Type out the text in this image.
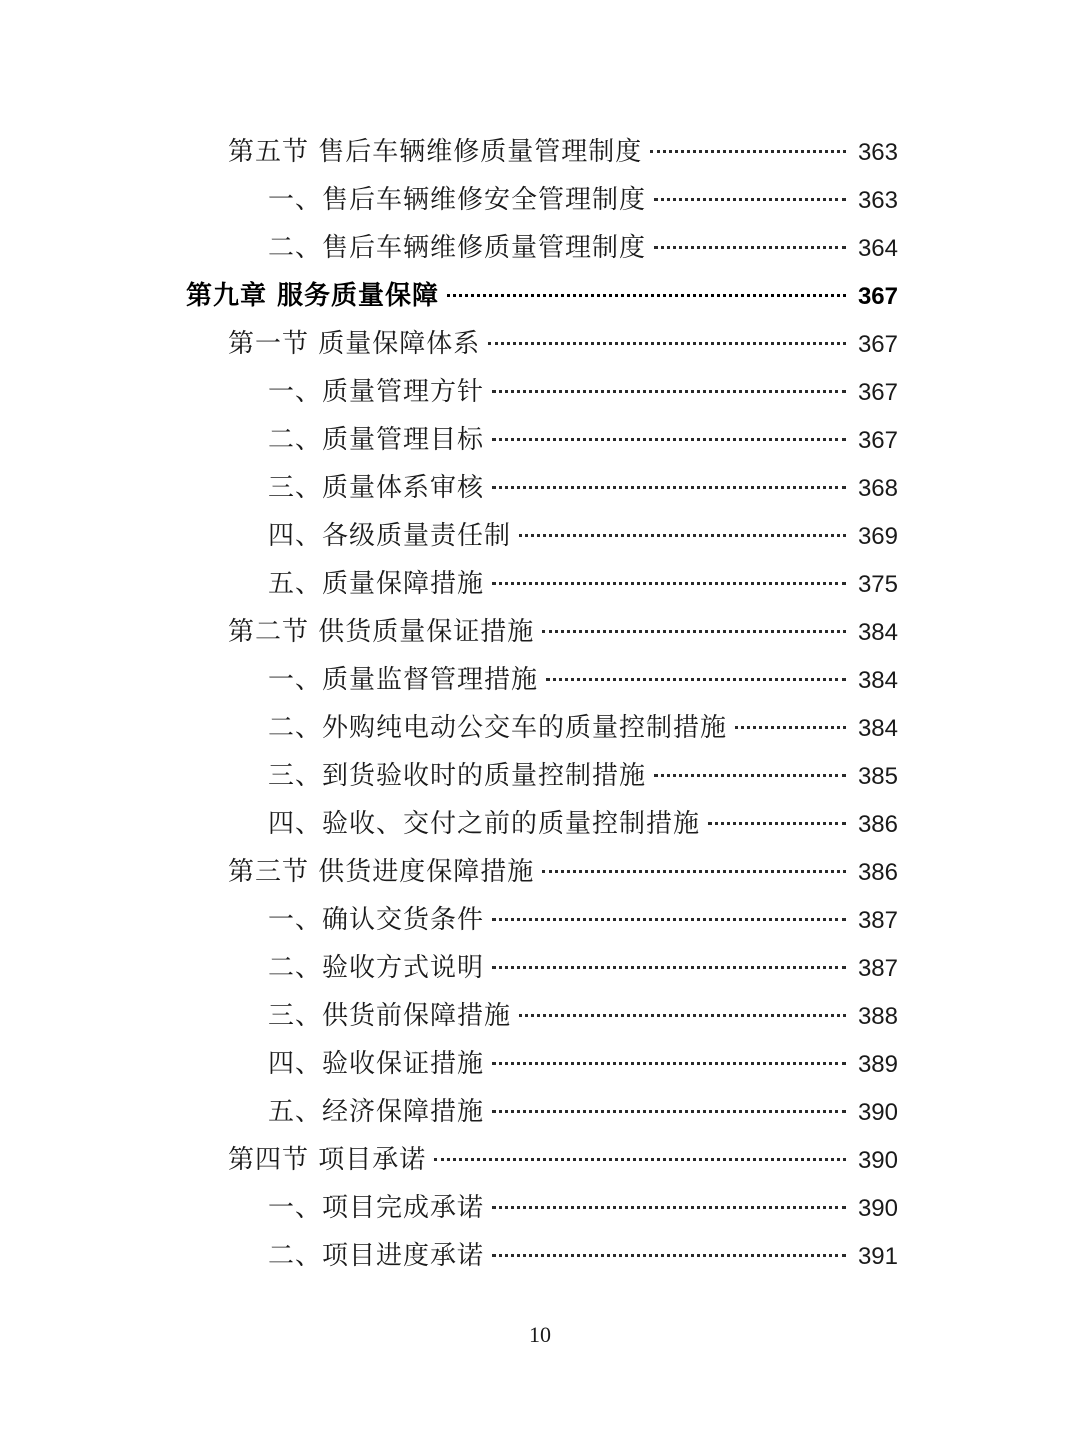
第五节 售后车辆维修质量管理制度	363
一、售后车辆维修安全管理制度	363
二、售后车辆维修质量管理制度	364
第九章 服务质量保障	367
第一节 质量保障体系	367
一、质量管理方针	367
二、质量管理目标	367
三、质量体系审核	368
四、各级质量责任制	369
五、质量保障措施	375
第二节 供货质量保证措施	384
一、质量监督管理措施	384
二、外购纯电动公交车的质量控制措施	384
三、到货验收时的质量控制措施	385
四、验收、交付之前的质量控制措施	386
第三节 供货进度保障措施	386
一、确认交货条件	387
二、验收方式说明	387
三、供货前保障措施	388
四、验收保证措施	389
五、经济保障措施	390
第四节 项目承诺	390
一、项目完成承诺	390
二、项目进度承诺	391
10
